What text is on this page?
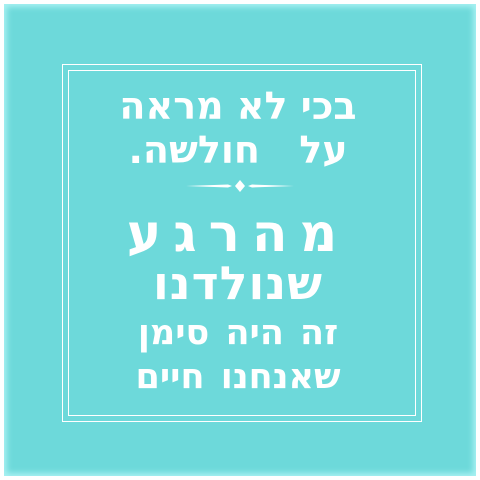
בכי לא מראה
על חולשה.
מהרגע
שנולדנו
זה היה סימן
שאנחנו חיים
